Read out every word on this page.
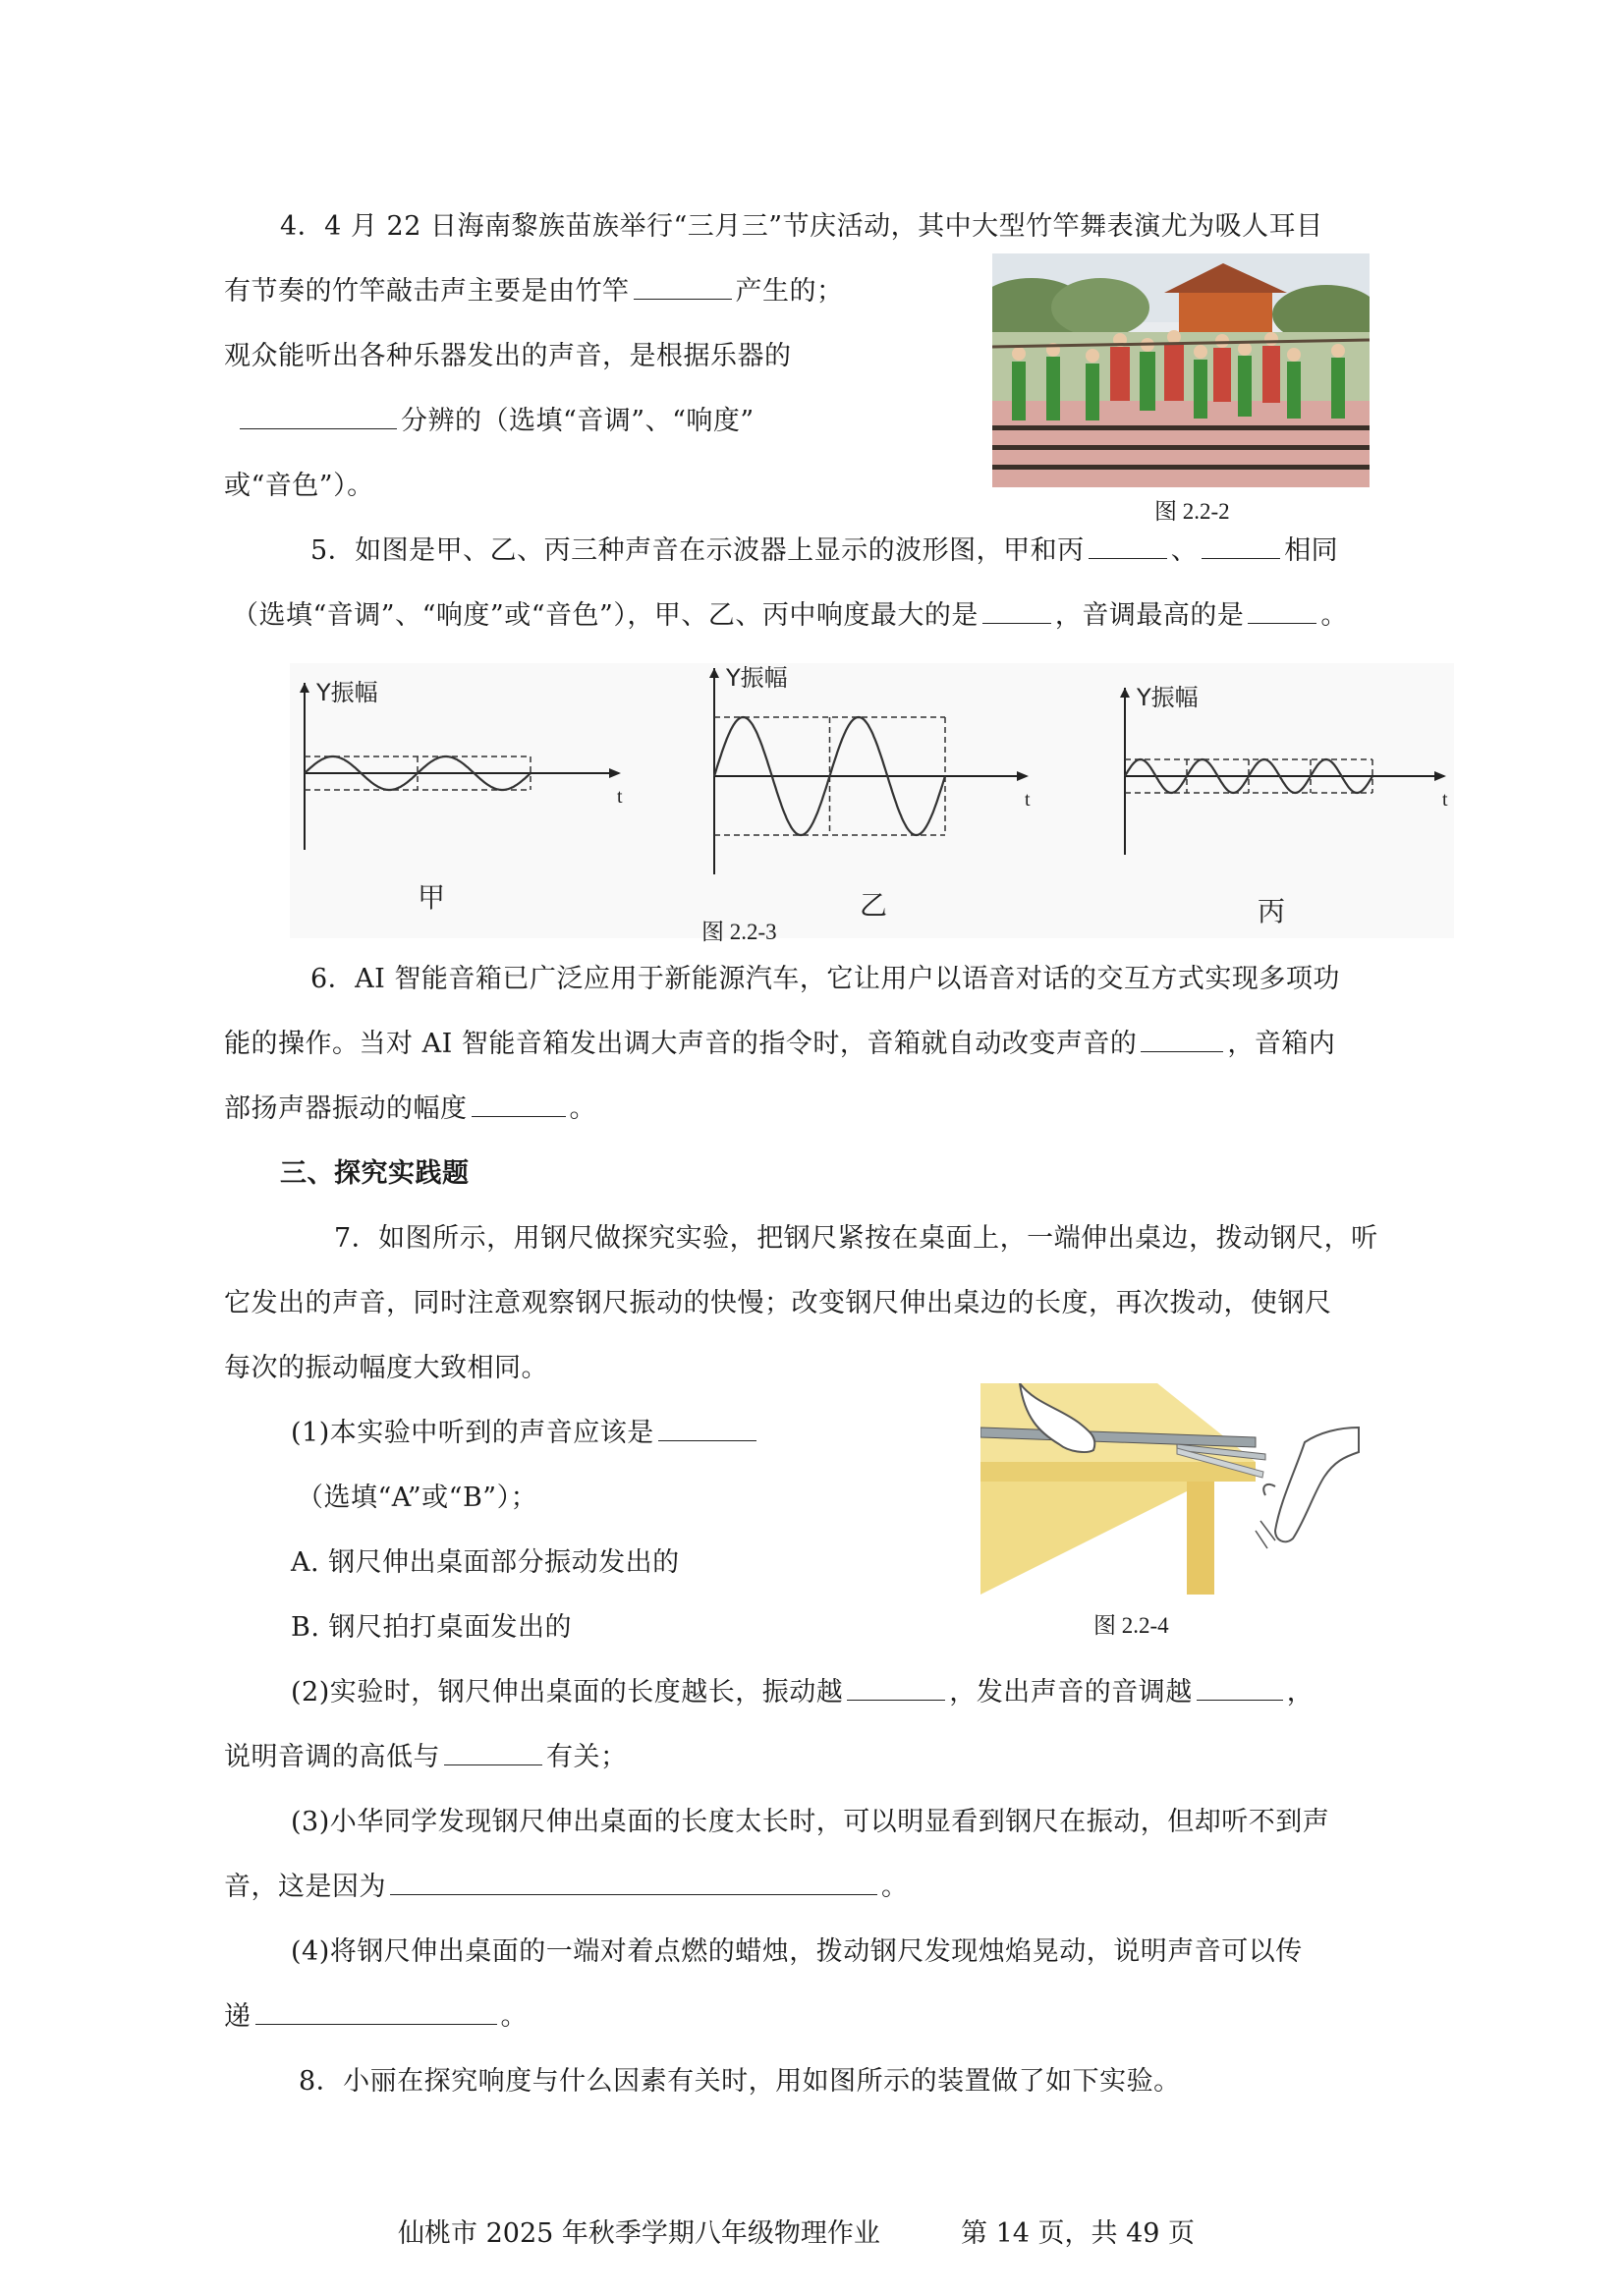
4．4 月 22 日海南黎族苗族举行“三月三”节庆活动，其中大型竹竿舞表演尤为吸人耳目
有节奏的竹竿敲击声主要是由竹竿	产生的；
观众能听出各种乐器发出的声音，是根据乐器的
分辨的（选填“音调”、“响度”
或“音色”）。
图 2.2-2
5．如图是甲、乙、丙三种声音在示波器上显示的波形图，甲和丙	、	相同
（选填“音调”、“响度”或“音色”），甲、乙、丙中响度最大的是	，音调最高的是	。
Y振幅
t
甲
Y振幅
t
乙
Y振幅
t
丙
图 2.2-3
6．AI 智能音箱已广泛应用于新能源汽车，它让用户以语音对话的交互方式实现多项功
能的操作。当对 AI 智能音箱发出调大声音的指令时，音箱就自动改变声音的	，音箱内
部扬声器振动的幅度	。
三、探究实践题
7．如图所示，用钢尺做探究实验，把钢尺紧按在桌面上，一端伸出桌边，拨动钢尺，听
它发出的声音，同时注意观察钢尺振动的快慢；改变钢尺伸出桌边的长度，再次拨动，使钢尺
每次的振动幅度大致相同。
(1)本实验中听到的声音应该是
（选填“A”或“B”）；
A. 钢尺伸出桌面部分振动发出的
B. 钢尺拍打桌面发出的	图 2.2-4
(2)实验时，钢尺伸出桌面的长度越长，振动越	，发出声音的音调越	，
说明音调的高低与	有关；
(3)小华同学发现钢尺伸出桌面的长度太长时，可以明显看到钢尺在振动，但却听不到声
音，这是因为	。
(4)将钢尺伸出桌面的一端对着点燃的蜡烛，拨动钢尺发现烛焰晃动，说明声音可以传
递	。
8．小丽在探究响度与什么因素有关时，用如图所示的装置做了如下实验。
仙桃市 2025 年秋季学期八年级物理作业	第 14 页，共 49 页
